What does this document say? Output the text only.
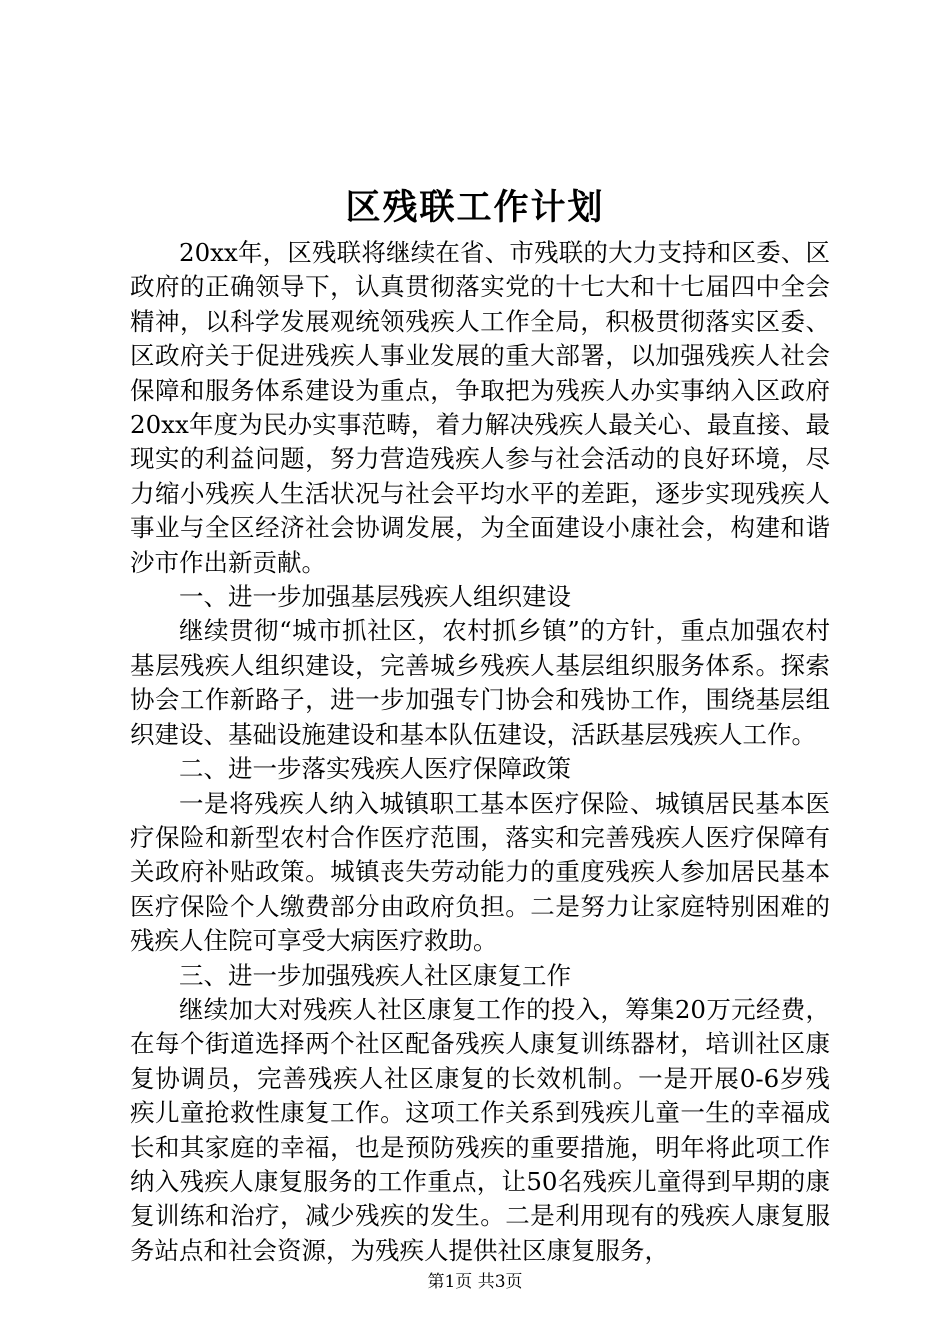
区残联工作计划

20xx年，区残联将继续在省、市残联的大力支持和区委、区政府的正确领导下，认真贯彻落实党的十七大和十七届四中全会精神，以科学发展观统领残疾人工作全局，积极贯彻落实区委、区政府关于促进残疾人事业发展的重大部署，以加强残疾人社会保障和服务体系建设为重点，争取把为残疾人办实事纳入区政府20xx年度为民办实事范畴，着力解决残疾人最关心、最直接、最现实的利益问题，努力营造残疾人参与社会活动的良好环境，尽力缩小残疾人生活状况与社会平均水平的差距，逐步实现残疾人事业与全区经济社会协调发展，为全面建设小康社会，构建和谐沙市作出新贡献。

一、进一步加强基层残疾人组织建设

继续贯彻“城市抓社区，农村抓乡镇”的方针，重点加强农村基层残疾人组织建设，完善城乡残疾人基层组织服务体系。探索协会工作新路子，进一步加强专门协会和残协工作，围绕基层组织建设、基础设施建设和基本队伍建设，活跃基层残疾人工作。

二、进一步落实残疾人医疗保障政策

一是将残疾人纳入城镇职工基本医疗保险、城镇居民基本医疗保险和新型农村合作医疗范围，落实和完善残疾人医疗保障有关政府补贴政策。城镇丧失劳动能力的重度残疾人参加居民基本医疗保险个人缴费部分由政府负担。二是努力让家庭特别困难的残疾人住院可享受大病医疗救助。

三、进一步加强残疾人社区康复工作

继续加大对残疾人社区康复工作的投入，筹集20万元经费，在每个街道选择两个社区配备残疾人康复训练器材，培训社区康复协调员，完善残疾人社区康复的长效机制。一是开展0-6岁残疾儿童抢救性康复工作。这项工作关系到残疾儿童一生的幸福成长和其家庭的幸福，也是预防残疾的重要措施，明年将此项工作纳入残疾人康复服务的工作重点，让50名残疾儿童得到早期的康复训练和治疗，减少残疾的发生。二是利用现有的残疾人康复服务站点和社会资源，为残疾人提供社区康复服务，

第1页 共3页
